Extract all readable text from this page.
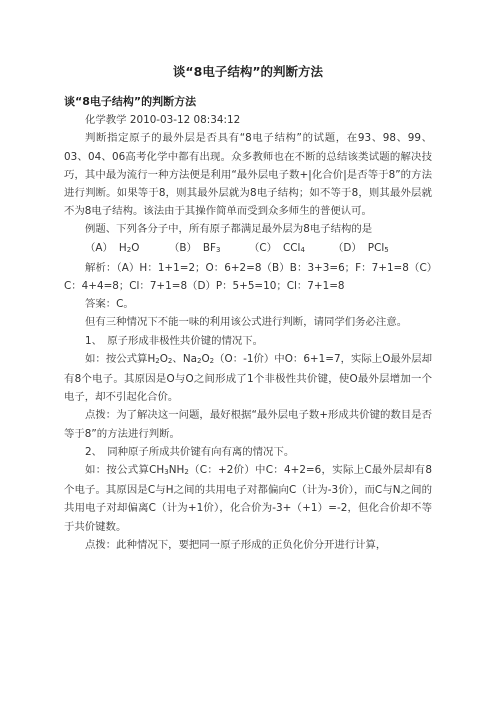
谈“8电子结构”的判断方法

谈“8电子结构”的判断方法

化学教学 2010-03-12 08:34:12

判断指定原子的最外层是否具有“8电子结构”的试题，在93、98、99、03、04、06高考化学中都有出现。众多教师也在不断的总结该类试题的解决技巧，其中最为流行一种方法便是利用“最外层电子数+|化合价|是否等于8”的方法进行判断。如果等于8，则其最外层就为8电子结构；如不等于8，则其最外层就不为8电子结构。该法由于其操作简单而受到众多师生的普便认可。

例题、下列各分子中，所有原子都满足最外层为8电子结构的是

（A） H2O	（B） BF3	（C） CCl4	（D） PCl5

解析：（A）H：1+1=2；O：6+2=8（B）B：3+3=6；F：7+1=8（C）C：4+4=8；Cl：7+1=8（D）P：5+5=10；Cl：7+1=8

答案：C。

但有三种情况下不能一味的利用该公式进行判断，请同学们务必注意。

1、　原子形成非极性共价键的情况下。

如：按公式算H2O2、Na2O2（O：-1价）中O：6+1=7，实际上O最外层却有8个电子。其原因是O与O之间形成了1个非极性共价键，使O最外层增加一个电子，却不引起化合价。

点拨：为了解决这一问题，最好根据“最外层电子数+形成共价键的数目是否等于8”的方法进行判断。

2、　同种原子所成共价键有向有离的情况下。

如：按公式算CH3NH2（C：+2价）中C：4+2=6，实际上C最外层却有8个电子。其原因是C与H之间的共用电子对都偏向C（计为-3价），而C与N之间的共用电子对却偏离C（计为+1价），化合价为-3+（+1）=-2，但化合价却不等于共价键数。

点拨：此种情况下，要把同一原子形成的正负化价分开进行计算，
